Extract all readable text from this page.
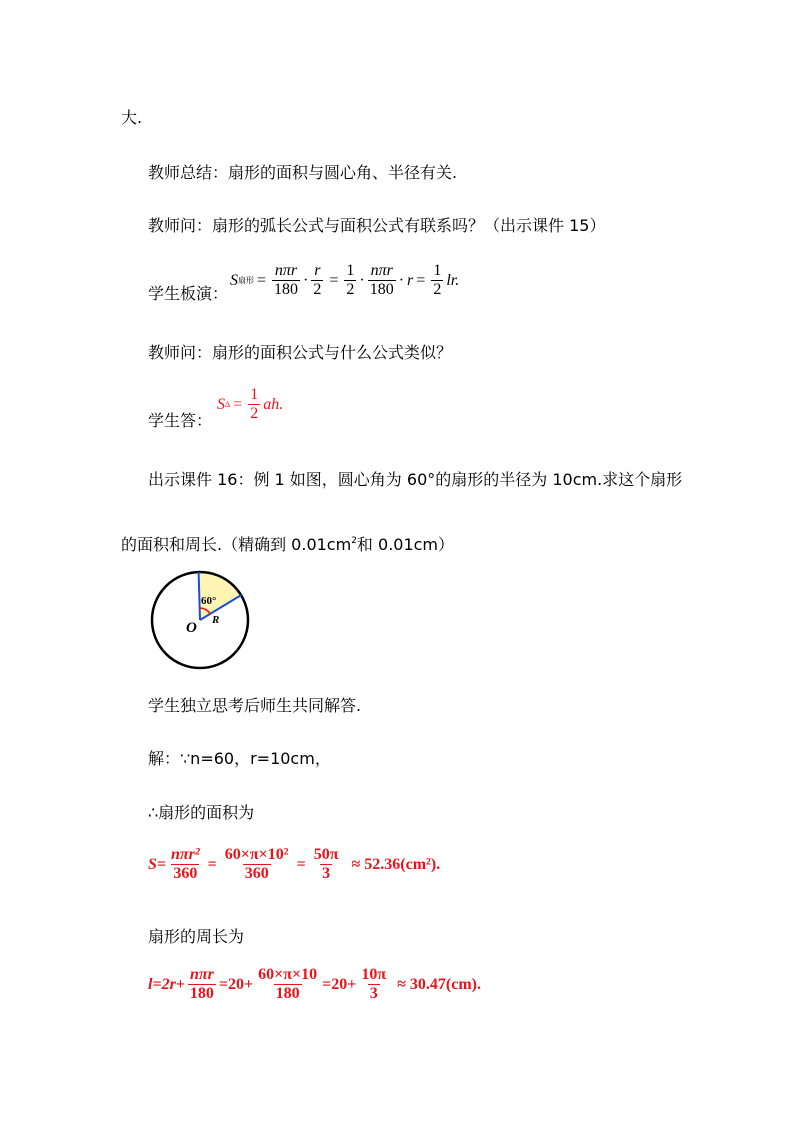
大.
教师总结：扇形的面积与圆心角、半径有关.
教师问：扇形的弧长公式与面积公式有联系吗？（出示课件 15）
学生板演：
S 扇形 = $\frac{\text{nπr}}{180} \cdot \frac{r}{2} = \frac{1}{2} \cdot \frac{\text{nπr}}{180} \cdot r = \frac{1}{2}$ lr.
教师问：扇形的面积公式与什么公式类似？
学生答：
S $\Delta = \frac{1}{2}$ ah.
出示课件 16：例 1 如图，圆心角为 60°的扇形的半径为 10cm.求这个扇形
的面积和周长.（精确到 $0.01cm^2$和 0.01cm）
60°
O R
学生独立思考后师生共同解答.
解：∵n=60，r=10cm，
∴扇形的面积为
$S= \frac{\text{nπr²}}{360} = \frac{\text{60×π×10²}}{360} = \frac{50\pi}{3} \approx 52.36(cm^2)$.
扇形的周长为
$l=2r+ \frac{\text{nπr}}{180} =20+ \frac{60\times\pi\times 10}{180} =20+ \frac{10\pi}{3} \approx 30.47(cm)$.
